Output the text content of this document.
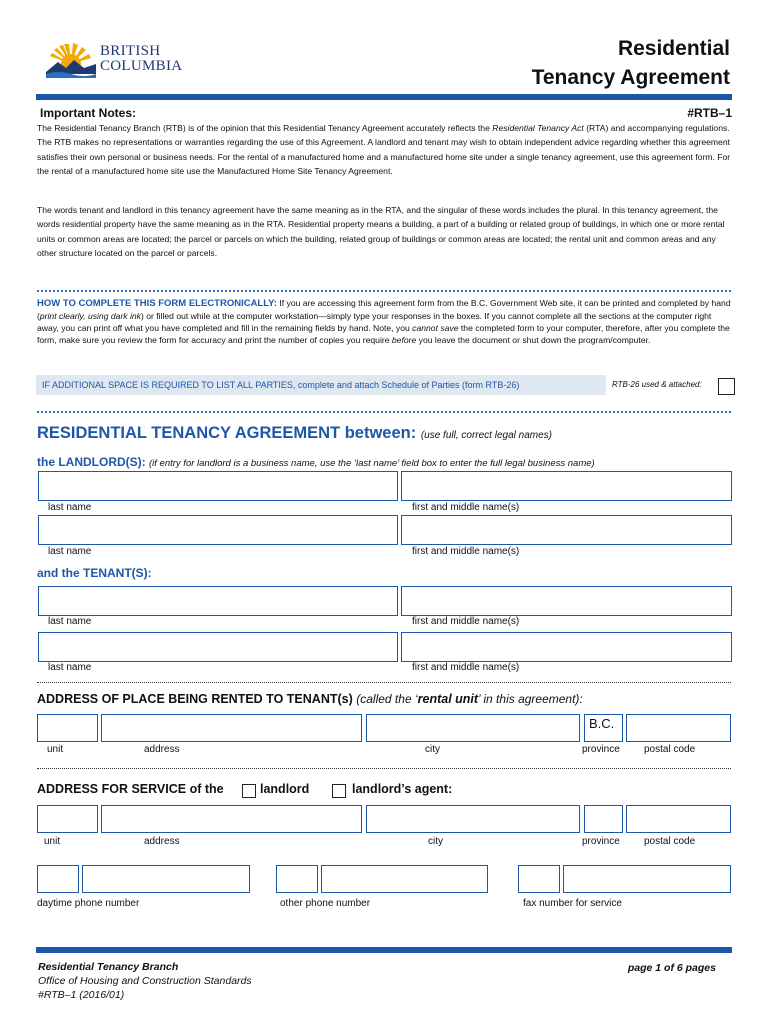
BRITISH
COLUMBIA
Residential
Tenancy Agreement
Important Notes:	#RTB–1
The Residential Tenancy Branch (RTB) is of the opinion that this Residential Tenancy Agreement accurately reflects the Residential Tenancy Act (RTA) and accompanying regulations. The RTB makes no representations or warranties regarding the use of this Agreement. A landlord and tenant may wish to obtain independent advice regarding whether this agreement satisfies their own personal or business needs. For the rental of a manufactured home and a manufactured home site under a single tenancy agreement, use this agreement form. For the rental of a manufactured home site use the Manufactured Home Site Tenancy Agreement.
The words tenant and landlord in this tenancy agreement have the same meaning as in the RTA, and the singular of these words includes the plural. In this tenancy agreement, the words residential property have the same meaning as in the RTA. Residential property means a building, a part of a building or related group of buildings, in which one or more rental units or common areas are located; the parcel or parcels on which the building, related group of buildings or common areas are located; the rental unit and common areas and any other structure located on the parcel or parcels.
HOW TO COMPLETE THIS FORM ELECTRONICALLY: If you are accessing this agreement form from the B.C. Government Web site, it can be printed and completed by hand (print clearly, using dark ink) or filled out while at the computer workstation—simply type your responses in the boxes. If you cannot complete all the sections at the computer right away, you can print off what you have completed and fill in the remaining fields by hand. Note, you cannot save the completed form to your computer, therefore, after you complete the form, make sure you review the form for accuracy and print the number of copies you require before you leave the document or shut down the program/computer.
IF ADDITIONAL SPACE IS REQUIRED TO LIST ALL PARTIES, complete and attach Schedule of Parties (form RTB-26)	RTB-26 used & attached:
RESIDENTIAL TENANCY AGREEMENT between: (use full, correct legal names)
the LANDLORD(S): (if entry for landlord is a business name, use the ‘last name’ field box to enter the full legal business name)
last name	first and middle name(s)
last name	first and middle name(s)
and the TENANT(S):
last name	first and middle name(s)
last name	first and middle name(s)
ADDRESS OF PLACE BEING RENTED TO TENANT(s) (called the ‘rental unit’ in this agreement):
B.C.
unit	address	city	province postal code
ADDRESS FOR SERVICE of the	landlord	landlord’s agent:
unit	address	city	province postal code
daytime phone number	other phone number	fax number for service
Residential Tenancy Branch
Office of Housing and Construction Standards
#RTB–1 (2016/01)
page 1 of 6 pages
